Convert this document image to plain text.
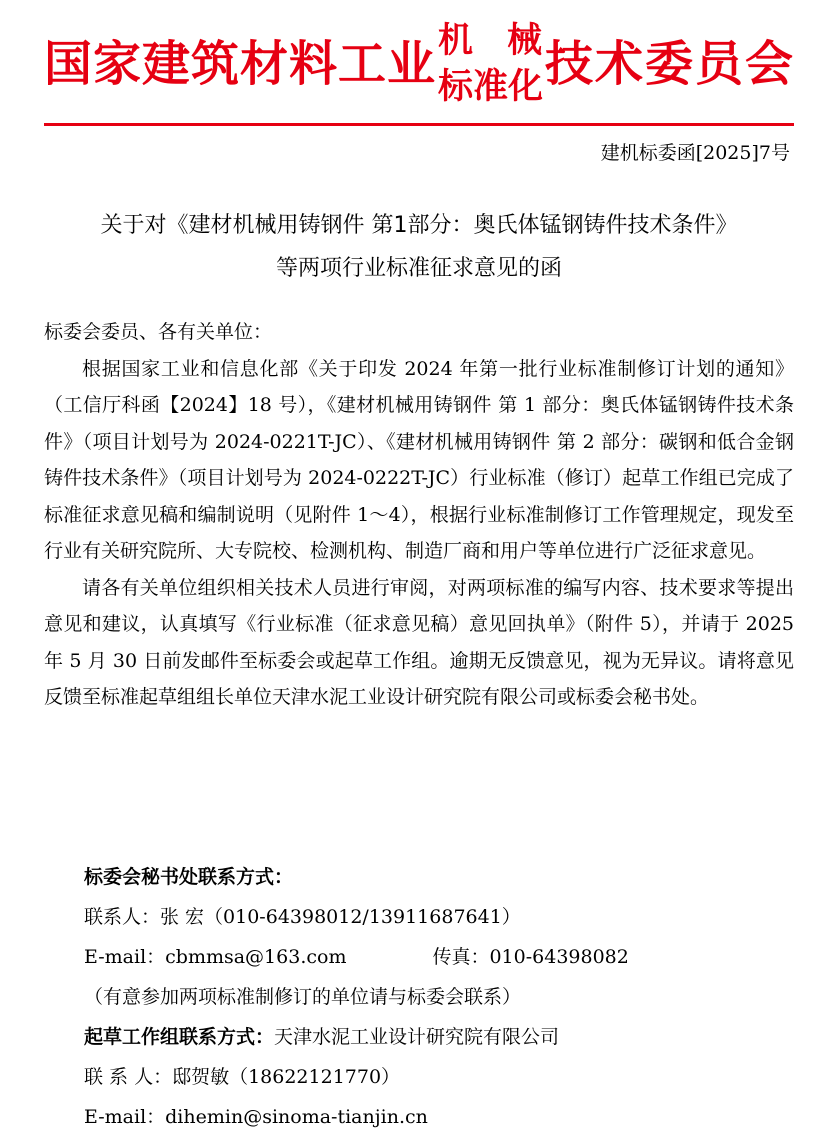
国家建筑材料工业 机 械
标准化 技术委员会
建机标委函[2025]7号
关于对《建材机械用铸钢件 第1部分：奥氏体锰钢铸件技术条件》
等两项行业标准征求意见的函

标委会委员、各有关单位：

根据国家工业和信息化部《关于印发 2024 年第一批行业标准制修订计划的通知》（工信厅科函【2024】18 号），《建材机械用铸钢件 第 1 部分：奥氏体锰钢铸件技术条件》（项目计划号为 2024-0221T-JC）、《建材机械用铸钢件 第 2 部分：碳钢和低合金钢铸件技术条件》（项目计划号为 2024-0222T-JC）行业标准（修订）起草工作组已完成了标准征求意见稿和编制说明（见附件 1～4），根据行业标准制修订工作管理规定，现发至行业有关研究院所、大专院校、检测机构、制造厂商和用户等单位进行广泛征求意见。

请各有关单位组织相关技术人员进行审阅，对两项标准的编写内容、技术要求等提出意见和建议，认真填写《行业标准（征求意见稿）意见回执单》（附件 5），并请于 2025 年 5 月 30 日前发邮件至标委会或起草工作组。逾期无反馈意见，视为无异议。请将意见反馈至标准起草组组长单位天津水泥工业设计研究院有限公司或标委会秘书处。

标委会秘书处联系方式：
联系人：张 宏（010-64398012/13911687641）
E-mail：cbmmsa@163.com	传真：010-64398082
（有意参加两项标准制修订的单位请与标委会联系）
起草工作组联系方式：天津水泥工业设计研究院有限公司
联 系 人：邸贺敏（18622121770）
E-mail：dihemin@sinoma-tianjin.cn
